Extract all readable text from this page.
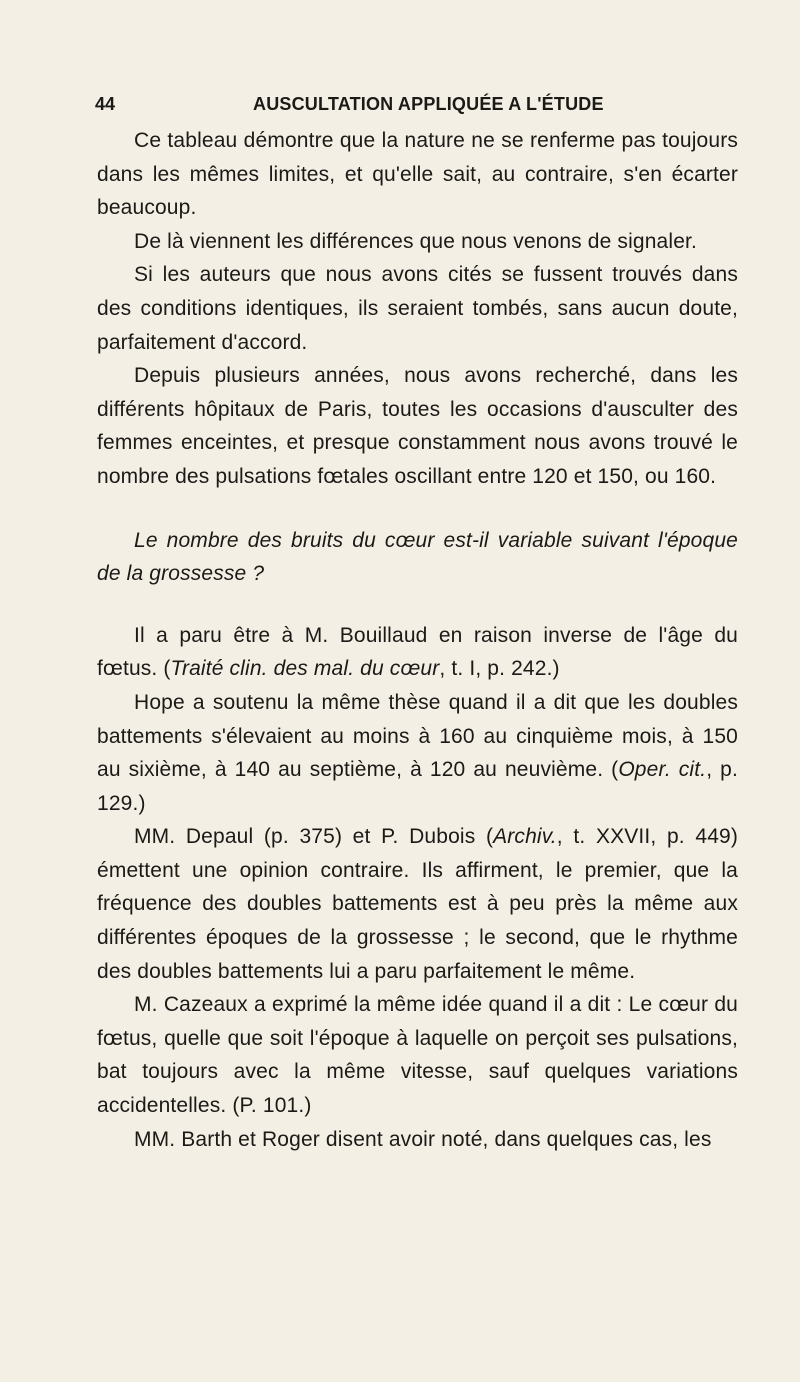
44	AUSCULTATION APPLIQUÉE A L'ÉTUDE

Ce tableau démontre que la nature ne se renferme pas toujours dans les mêmes limites, et qu'elle sait, au contraire, s'en écarter beaucoup.

De là viennent les différences que nous venons de signaler.

Si les auteurs que nous avons cités se fussent trouvés dans des conditions identiques, ils seraient tombés, sans aucun doute, parfaitement d'accord.

Depuis plusieurs années, nous avons recherché, dans les différents hôpitaux de Paris, toutes les occasions d'ausculter des femmes enceintes, et presque constamment nous avons trouvé le nombre des pulsations fœtales oscillant entre 120 et 150, ou 160.

Le nombre des bruits du cœur est-il variable suivant l'époque de la grossesse ?

Il a paru être à M. Bouillaud en raison inverse de l'âge du fœtus. (Traité clin. des mal. du cœur, t. I, p. 242.)

Hope a soutenu la même thèse quand il a dit que les doubles battements s'élevaient au moins à 160 au cinquième mois, à 150 au sixième, à 140 au septième, à 120 au neuvième. (Oper. cit., p. 129.)

MM. Depaul (p. 375) et P. Dubois (Archiv., t. XXVII, p. 449) émettent une opinion contraire. Ils affirment, le premier, que la fréquence des doubles battements est à peu près la même aux différentes époques de la grossesse ; le second, que le rhythme des doubles battements lui a paru parfaitement le même.

M. Cazeaux a exprimé la même idée quand il a dit : Le cœur du fœtus, quelle que soit l'époque à laquelle on perçoit ses pulsations, bat toujours avec la même vitesse, sauf quelques variations accidentelles. (P. 101.)

MM. Barth et Roger disent avoir noté, dans quelques cas, les
